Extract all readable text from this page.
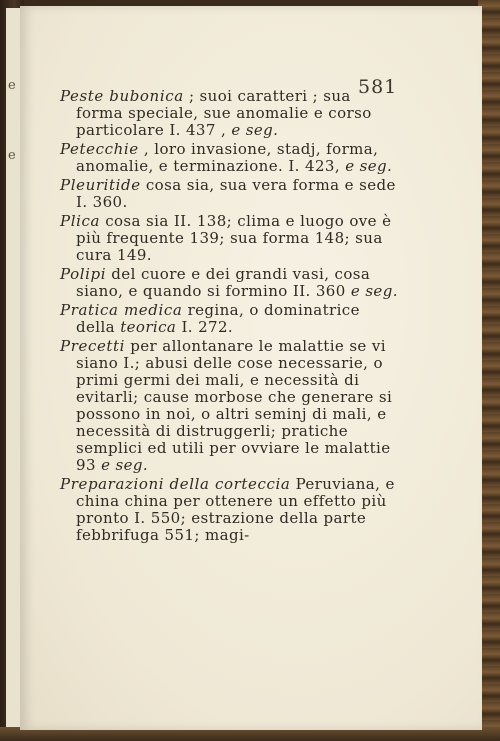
e
e
581

Peste bubonica ; suoi caratteri ; sua forma speciale, sue anomalie e corso particolare I. 437 , e seg.

Petecchie , loro invasione, stadj, forma, anomalie, e terminazione. I. 423, e seg.

Pleuritide cosa sia, sua vera forma e sede I. 360.

Plica cosa sia II. 138; clima e luogo ove è più frequente 139; sua forma 148; sua cura 149.

Polipi del cuore e dei grandi vasi, cosa siano, e quando si formino II. 360 e seg.

Pratica medica regina, o dominatrice della teorica I. 272.

Precetti per allontanare le malattie se vi siano I.; abusi delle cose necessarie, o primi germi dei mali, e necessità di evitarli; cause morbose che generare si possono in noi, o altri seminj di mali, e necessità di distruggerli; pratiche semplici ed utili per ovviare le malattie 93 e seg.

Preparazioni della corteccia Peruviana, e china china per ottenere un effetto più pronto I. 550; estrazione della parte febbrifuga 551; magi-
